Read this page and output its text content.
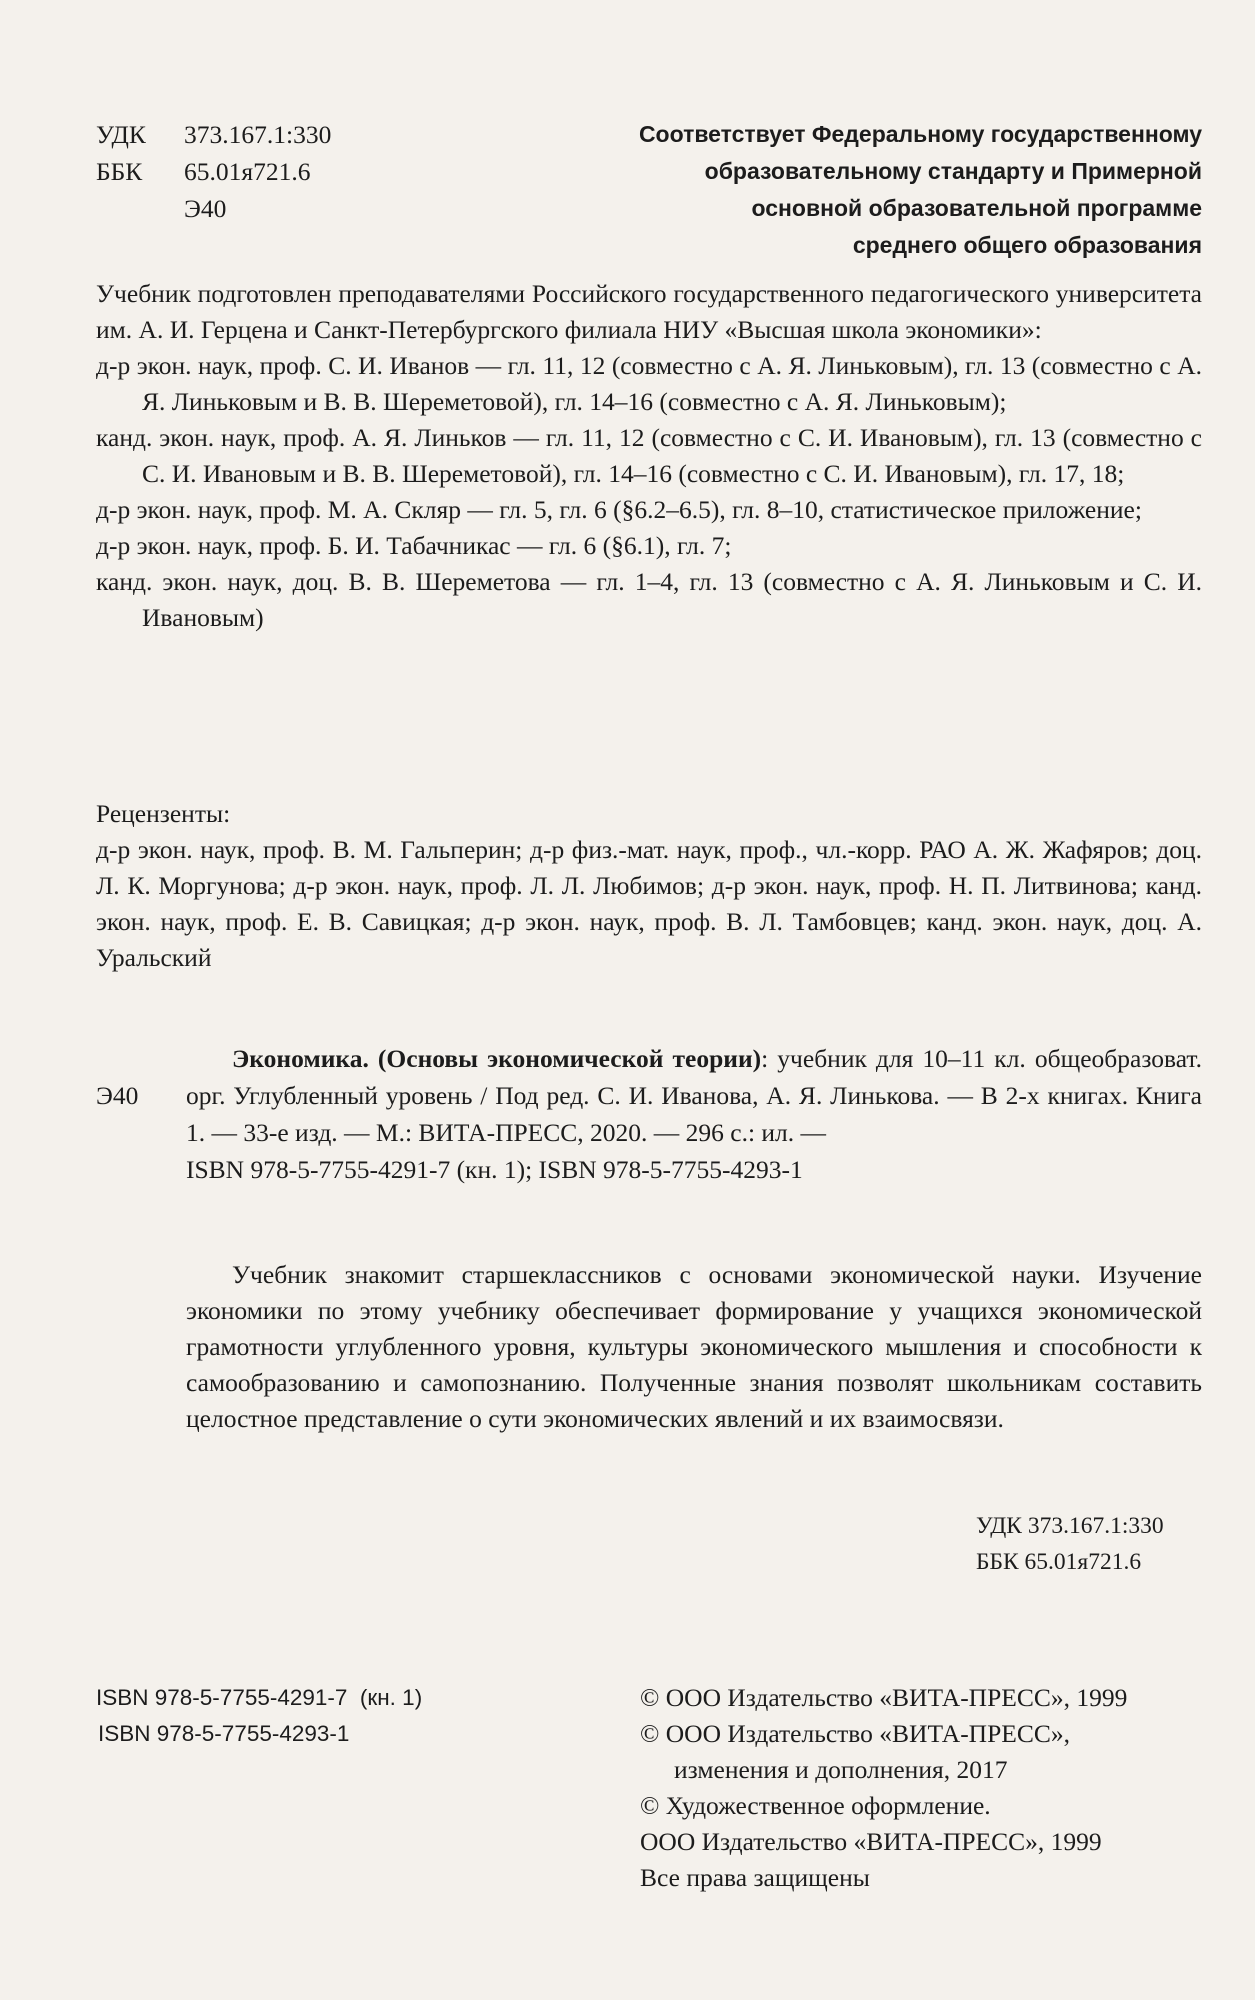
УДК	373.167.1:330
ББК	65.01я721.6
Э40
Соответствует Федеральному государственному
образовательному стандарту и Примерной
основной образовательной программе
среднего общего образования
Учебник подготовлен преподавателями Российского государственного педагогического университета им. А. И. Герцена и Санкт-Петербургского филиала НИУ «Высшая школа экономики»:
д-р экон. наук, проф. С. И. Иванов — гл. 11, 12 (совместно с А. Я. Линьковым), гл. 13 (совместно с А. Я. Линьковым и В. В. Шереметовой), гл. 14–16 (совместно с А. Я. Линьковым);
канд. экон. наук, проф. А. Я. Линьков — гл. 11, 12 (совместно с С. И. Ивановым), гл. 13 (совместно с С. И. Ивановым и В. В. Шереметовой), гл. 14–16 (совместно с С. И. Ивановым), гл. 17, 18;
д-р экон. наук, проф. М. А. Скляр — гл. 5, гл. 6 (§6.2–6.5), гл. 8–10, статистическое приложение;
д-р экон. наук, проф. Б. И. Табачникас — гл. 6 (§6.1), гл. 7;
канд. экон. наук, доц. В. В. Шереметова — гл. 1–4, гл. 13 (совместно с А. Я. Линьковым и С. И. Ивановым)
Рецензенты:
д-р экон. наук, проф. В. М. Гальперин; д-р физ.-мат. наук, проф., чл.-корр. РАО А. Ж. Жафяров; доц. Л. К. Моргунова; д-р экон. наук, проф. Л. Л. Любимов; д-р экон. наук, проф. Н. П. Литвинова; канд. экон. наук, проф. Е. В. Савицкая; д-р экон. наук, проф. В. Л. Тамбовцев; канд. экон. наук, доц. А. Уральский
Э40

Экономика. (Основы экономической теории): учебник для 10–11 кл. общеобразоват. орг. Углубленный уровень / Под ред. С. И. Иванова, А. Я. Линькова. — В 2-х книгах. Книга 1. — 33-е изд. — М.: ВИТА-ПРЕСС, 2020. — 296 с.: ил. —

ISBN 978-5-7755-4291-7 (кн. 1); ISBN 978-5-7755-4293-1

Учебник знакомит старшеклассников с основами экономической науки. Изучение экономики по этому учебнику обеспечивает формирование у учащихся экономической грамотности углубленного уровня, культуры экономического мышления и способности к самообразованию и самопознанию. Полученные знания позволят школьникам составить целостное представление о сути экономических явлений и их взаимосвязи.

УДК 373.167.1:330
ББК 65.01я721.6
ISBN 978-5-7755-4291-7  (кн. 1)
ISBN 978-5-7755-4293-1
© ООО Издательство «ВИТА-ПРЕСС», 1999
© ООО Издательство «ВИТА-ПРЕСС»,
изменения и дополнения, 2017
© Художественное оформление.
ООО Издательство «ВИТА-ПРЕСС», 1999
Все права защищены
